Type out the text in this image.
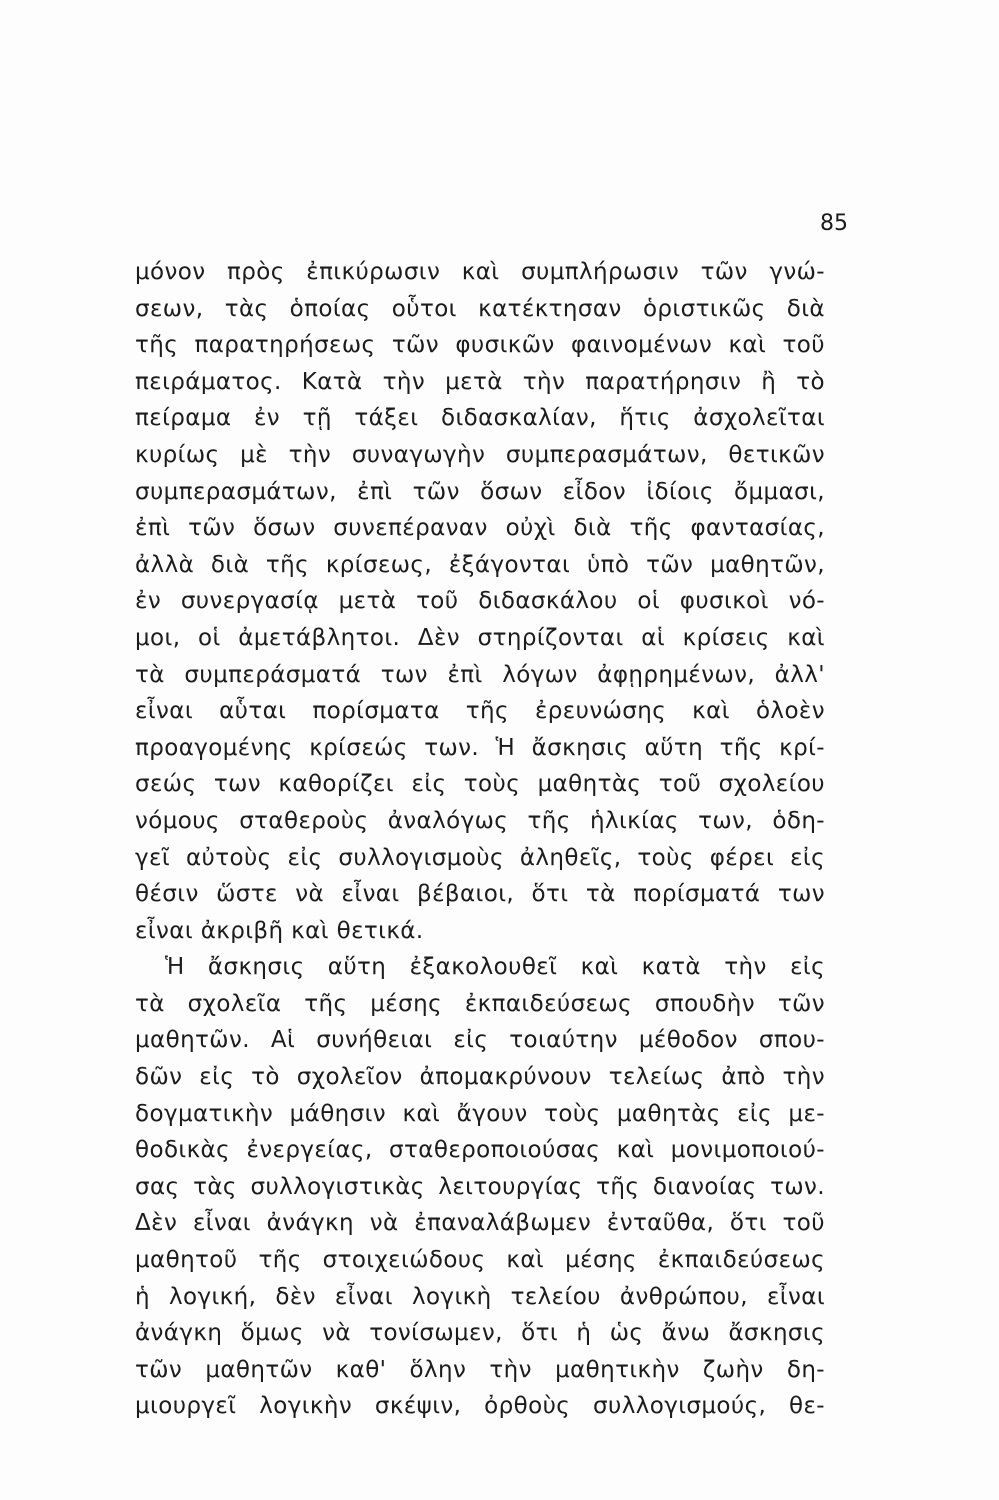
85
μόνον πρὸς ἐπικύρωσιν καὶ συμπλήρωσιν τῶν γνώ-
σεων, τὰς ὁποίας οὗτοι κατέκτησαν ὁριστικῶς διὰ
τῆς παρατηρήσεως τῶν φυσικῶν φαινομένων καὶ τοῦ
πειράματος. Κατὰ τὴν μετὰ τὴν παρατήρησιν ἢ τὸ
πείραμα ἐν τῇ τάξει διδασκαλίαν, ἥτις ἀσχολεῖται
κυρίως μὲ τὴν συναγωγὴν συμπερασμάτων, θετικῶν
συμπερασμάτων, ἐπὶ τῶν ὅσων εἶδον ἰδίοις ὄμμασι,
ἐπὶ τῶν ὅσων συνεπέραναν οὐχὶ διὰ τῆς φαντασίας,
ἀλλὰ διὰ τῆς κρίσεως, ἐξάγονται ὑπὸ τῶν μαθητῶν,
ἐν συνεργασίᾳ μετὰ τοῦ διδασκάλου οἱ φυσικοὶ νό-
μοι, οἱ ἀμετάβλητοι. Δὲν στηρίζονται αἱ κρίσεις καὶ
τὰ συμπεράσματά των ἐπὶ λόγων ἀφῃρημένων, ἀλλ'
εἶναι αὗται πορίσματα τῆς ἐρευνώσης καὶ ὁλοὲν
προαγομένης κρίσεώς των. Ἡ ἄσκησις αὕτη τῆς κρί-
σεώς των καθορίζει εἰς τοὺς μαθητὰς τοῦ σχολείου
νόμους σταθεροὺς ἀναλόγως τῆς ἡλικίας των, ὁδη-
γεῖ αὐτοὺς εἰς συλλογισμοὺς ἀληθεῖς, τοὺς φέρει εἰς
θέσιν ὥστε νὰ εἶναι βέβαιοι, ὅτι τὰ πορίσματά των
εἶναι ἀκριβῆ καὶ θετικά.
Ἡ ἄσκησις αὕτη ἐξακολουθεῖ καὶ κατὰ τὴν εἰς
τὰ σχολεῖα τῆς μέσης ἐκπαιδεύσεως σπουδὴν τῶν
μαθητῶν. Αἱ συνήθειαι εἰς τοιαύτην μέθοδον σπου-
δῶν εἰς τὸ σχολεῖον ἀπομακρύνουν τελείως ἀπὸ τὴν
δογματικὴν μάθησιν καὶ ἄγουν τοὺς μαθητὰς εἰς με-
θοδικὰς ἐνεργείας, σταθεροποιούσας καὶ μονιμοποιού-
σας τὰς συλλογιστικὰς λειτουργίας τῆς διανοίας των.
Δὲν εἶναι ἀνάγκη νὰ ἐπαναλάβωμεν ἐνταῦθα, ὅτι τοῦ
μαθητοῦ τῆς στοιχειώδους καὶ μέσης ἐκπαιδεύσεως
ἡ λογική, δὲν εἶναι λογικὴ τελείου ἀνθρώπου, εἶναι
ἀνάγκη ὅμως νὰ τονίσωμεν, ὅτι ἡ ὡς ἄνω ἄσκησις
τῶν μαθητῶν καθ' ὅλην τὴν μαθητικὴν ζωὴν δη-
μιουργεῖ λογικὴν σκέψιν, ὀρθοὺς συλλογισμούς, θε-
